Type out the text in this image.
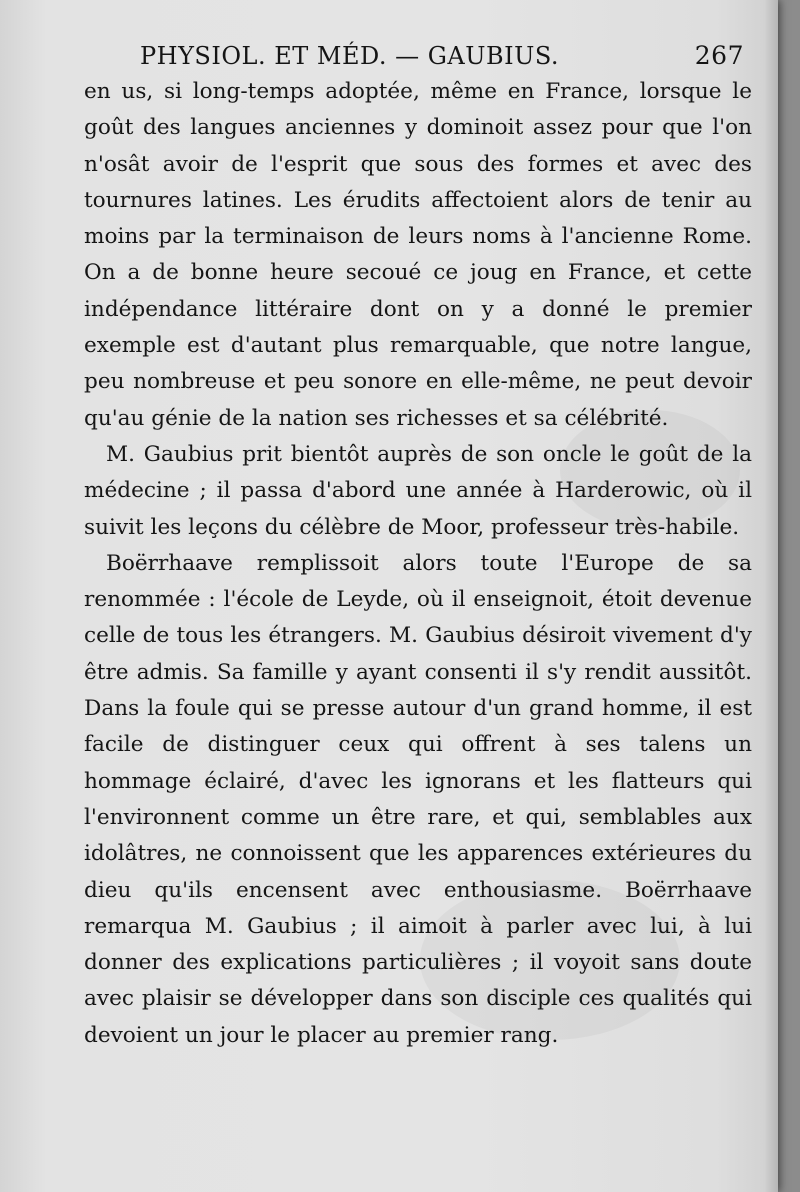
PHYSIOL. ET MÉD. — GAUBIUS.	267

en us, si long-temps adoptée, même en France, lorsque le goût des langues anciennes y dominoit assez pour que l'on n'osât avoir de l'esprit que sous des formes et avec des tournures latines. Les érudits affectoient alors de tenir au moins par la terminaison de leurs noms à l'ancienne Rome. On a de bonne heure secoué ce joug en France, et cette indépendance littéraire dont on y a donné le premier exemple est d'autant plus remarquable, que notre langue, peu nombreuse et peu sonore en elle-même, ne peut devoir qu'au génie de la nation ses richesses et sa célébrité.

M. Gaubius prit bientôt auprès de son oncle le goût de la médecine ; il passa d'abord une année à Harderowic, où il suivit les leçons du célèbre de Moor, professeur très-habile.

Boërrhaave remplissoit alors toute l'Europe de sa renommée : l'école de Leyde, où il enseignoit, étoit devenue celle de tous les étrangers. M. Gaubius désiroit vivement d'y être admis. Sa famille y ayant consenti il s'y rendit aussitôt. Dans la foule qui se presse autour d'un grand homme, il est facile de distinguer ceux qui offrent à ses talens un hommage éclairé, d'avec les ignorans et les flatteurs qui l'environnent comme un être rare, et qui, semblables aux idolâtres, ne connoissent que les apparences extérieures du dieu qu'ils encensent avec enthousiasme. Boërrhaave remarqua M. Gaubius ; il aimoit à parler avec lui, à lui donner des explications particulières ; il voyoit sans doute avec plaisir se développer dans son disciple ces qualités qui devoient un jour le placer au premier rang.
